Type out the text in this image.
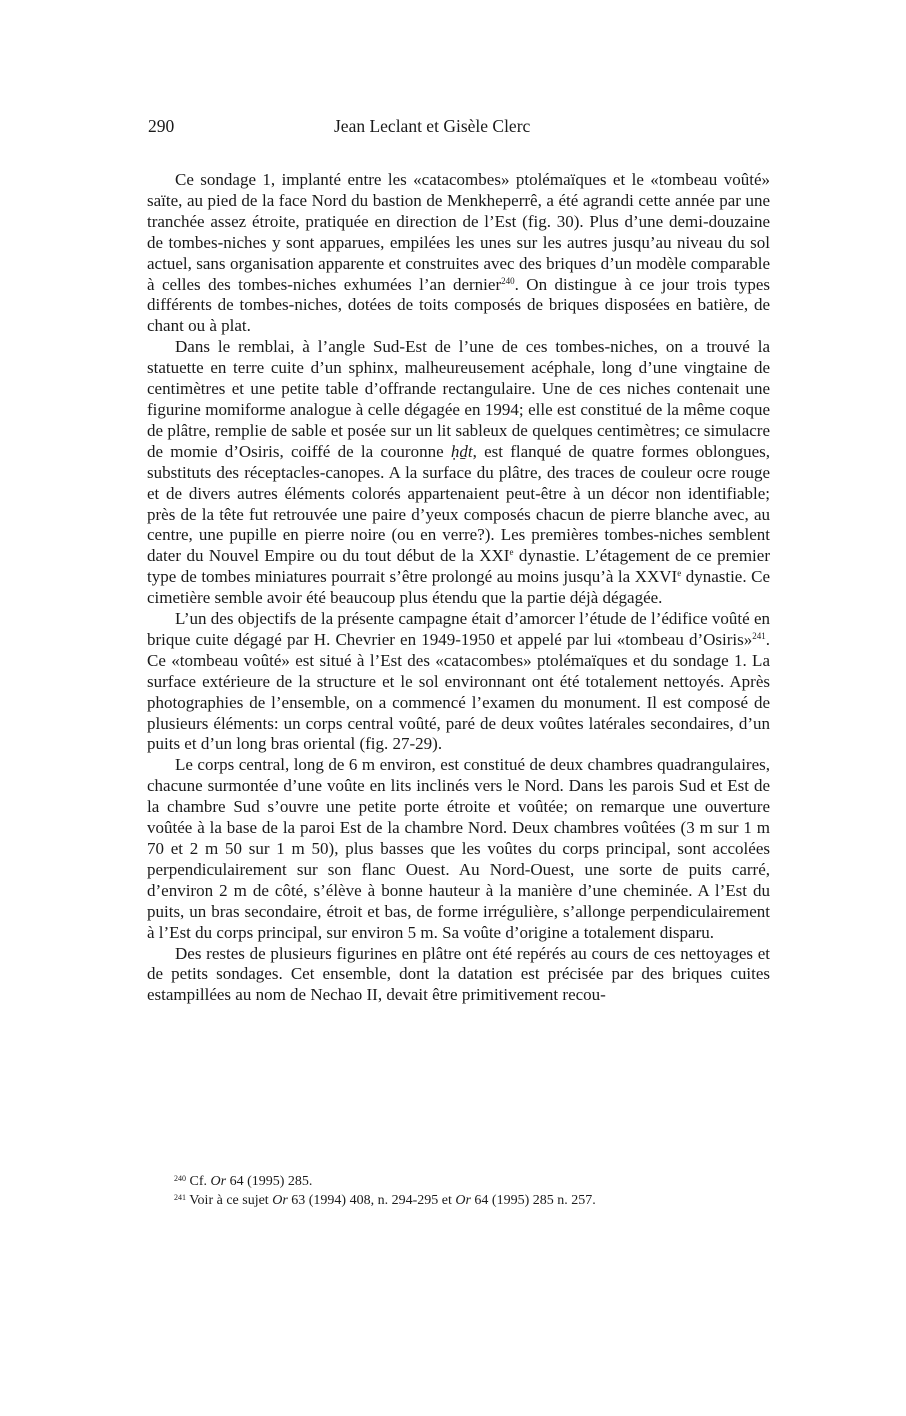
290	Jean Leclant et Gisèle Clerc

Ce sondage 1, implanté entre les «catacombes» ptolémaïques et le «tombeau voûté» saïte, au pied de la face Nord du bastion de Menkheperrê, a été agrandi cette année par une tranchée assez étroite, pratiquée en direction de l’Est (fig. 30). Plus d’une demi-douzaine de tombes-niches y sont apparues, empilées les unes sur les autres jusqu’au niveau du sol actuel, sans organisation apparente et construites avec des briques d’un modèle comparable à celles des tombes-niches exhumées l’an dernier$^{240}$. On distingue à ce jour trois types différents de tombes-niches, dotées de toits composés de briques disposées en batière, de chant ou à plat.

Dans le remblai, à l’angle Sud-Est de l’une de ces tombes-niches, on a trouvé la statuette en terre cuite d’un sphinx, malheureusement acéphale, long d’une vingtaine de centimètres et une petite table d’offrande rectangulaire. Une de ces niches contenait une figurine momiforme analogue à celle dégagée en 1994; elle est constitué de la même coque de plâtre, remplie de sable et posée sur un lit sableux de quelques centimètres; ce simulacre de momie d’Osiris, coiffé de la couronne ḥḏt, est flanqué de quatre formes oblongues, substituts des réceptacles-canopes. A la surface du plâtre, des traces de couleur ocre rouge et de divers autres éléments colorés appartenaient peut-être à un décor non identifiable; près de la tête fut retrouvée une paire d’yeux composés chacun de pierre blanche avec, au centre, une pupille en pierre noire (ou en verre?). Les premières tombes-niches semblent dater du Nouvel Empire ou du tout début de la XXIe dynastie. L’étagement de ce premier type de tombes miniatures pourrait s’être prolongé au moins jusqu’à la XXVIe dynastie. Ce cimetière semble avoir été beaucoup plus étendu que la partie déjà dégagée.

L’un des objectifs de la présente campagne était d’amorcer l’étude de l’édifice voûté en brique cuite dégagé par H. Chevrier en 1949-1950 et appelé par lui «tombeau d’Osiris»$^{241}$. Ce «tombeau voûté» est situé à l’Est des «catacombes» ptolémaïques et du sondage 1. La surface extérieure de la structure et le sol environnant ont été totalement nettoyés. Après photographies de l’ensemble, on a commencé l’examen du monument. Il est composé de plusieurs éléments: un corps central voûté, paré de deux voûtes latérales secondaires, d’un puits et d’un long bras oriental (fig. 27-29).

Le corps central, long de 6 m environ, est constitué de deux chambres quadrangulaires, chacune surmontée d’une voûte en lits inclinés vers le Nord. Dans les parois Sud et Est de la chambre Sud s’ouvre une petite porte étroite et voûtée; on remarque une ouverture voûtée à la base de la paroi Est de la chambre Nord. Deux chambres voûtées (3 m sur 1 m 70 et 2 m 50 sur 1 m 50), plus basses que les voûtes du corps principal, sont accolées perpendiculairement sur son flanc Ouest. Au Nord-Ouest, une sorte de puits carré, d’environ 2 m de côté, s’élève à bonne hauteur à la manière d’une cheminée. A l’Est du puits, un bras secondaire, étroit et bas, de forme irrégulière, s’allonge perpendiculairement à l’Est du corps principal, sur environ 5 m. Sa voûte d’origine a totalement disparu.

Des restes de plusieurs figurines en plâtre ont été repérés au cours de ces nettoyages et de petits sondages. Cet ensemble, dont la datation est précisée par des briques cuites estampillées au nom de Nechao II, devait être primitivement recou-

$^{240}$ Cf. Or 64 (1995) 285.

$^{241}$ Voir à ce sujet Or 63 (1994) 408, n. 294-295 et Or 64 (1995) 285 n. 257.
